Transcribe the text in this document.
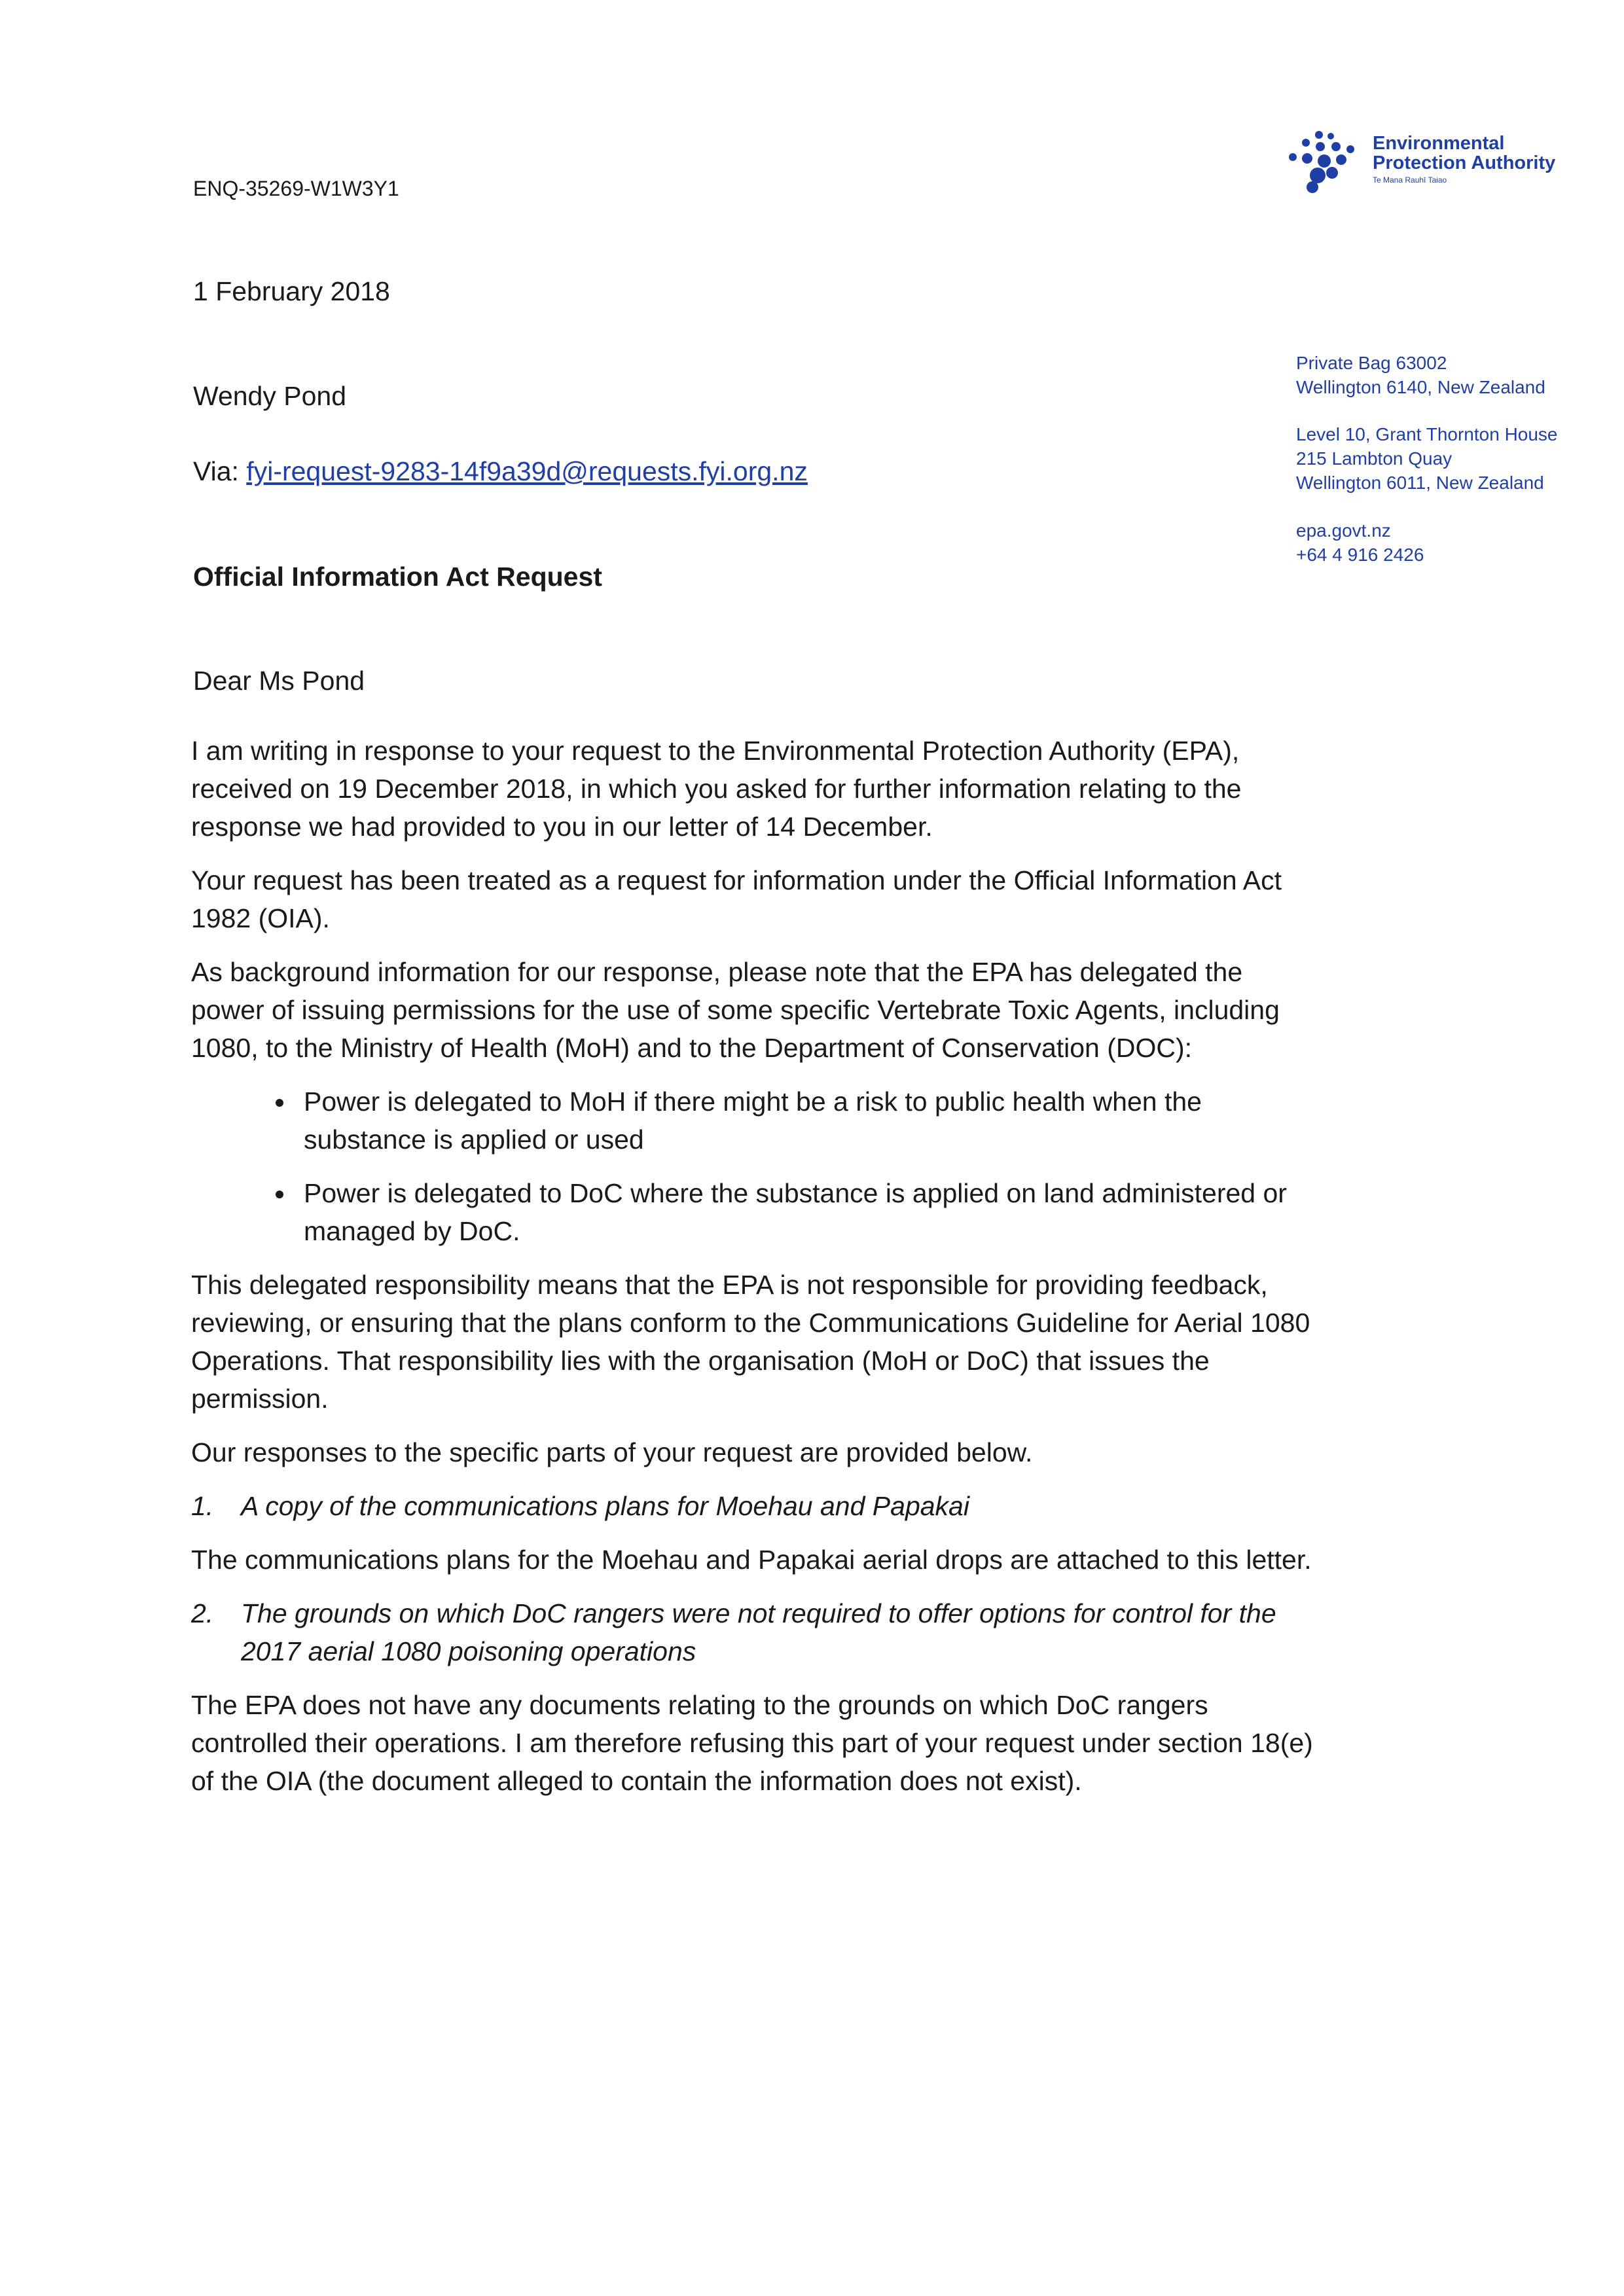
Environmental
Protection Authority
Te Mana Rauhī Taiao
ENQ-35269-W1W3Y1
1 February 2018
Wendy Pond
Via: fyi-request-9283-14f9a39d@requests.fyi.org.nz
Official Information Act Request
Dear Ms Pond
Private Bag 63002
Wellington 6140, New Zealand
Level 10, Grant Thornton House
215 Lambton Quay
Wellington 6011, New Zealand
epa.govt.nz
+64 4 916 2426

I am writing in response to your request to the Environmental Protection Authority (EPA), received on 19 December 2018, in which you asked for further information relating to the response we had provided to you in our letter of 14 December.

Your request has been treated as a request for information under the Official Information Act 1982 (OIA).

As background information for our response, please note that the EPA has delegated the power of issuing permissions for the use of some specific Vertebrate Toxic Agents, including 1080, to the Ministry of Health (MoH) and to the Department of Conservation (DOC):

• Power is delegated to MoH if there might be a risk to public health when the substance is applied or used
• Power is delegated to DoC where the substance is applied on land administered or managed by DoC.

This delegated responsibility means that the EPA is not responsible for providing feedback, reviewing, or ensuring that the plans conform to the Communications Guideline for Aerial 1080 Operations. That responsibility lies with the organisation (MoH or DoC) that issues the permission.

Our responses to the specific parts of your request are provided below.

1.	A copy of the communications plans for Moehau and Papakai

The communications plans for the Moehau and Papakai aerial drops are attached to this letter.

2.	The grounds on which DoC rangers were not required to offer options for control for the 2017 aerial 1080 poisoning operations

The EPA does not have any documents relating to the grounds on which DoC rangers controlled their operations. I am therefore refusing this part of your request under section 18(e) of the OIA (the document alleged to contain the information does not exist).
